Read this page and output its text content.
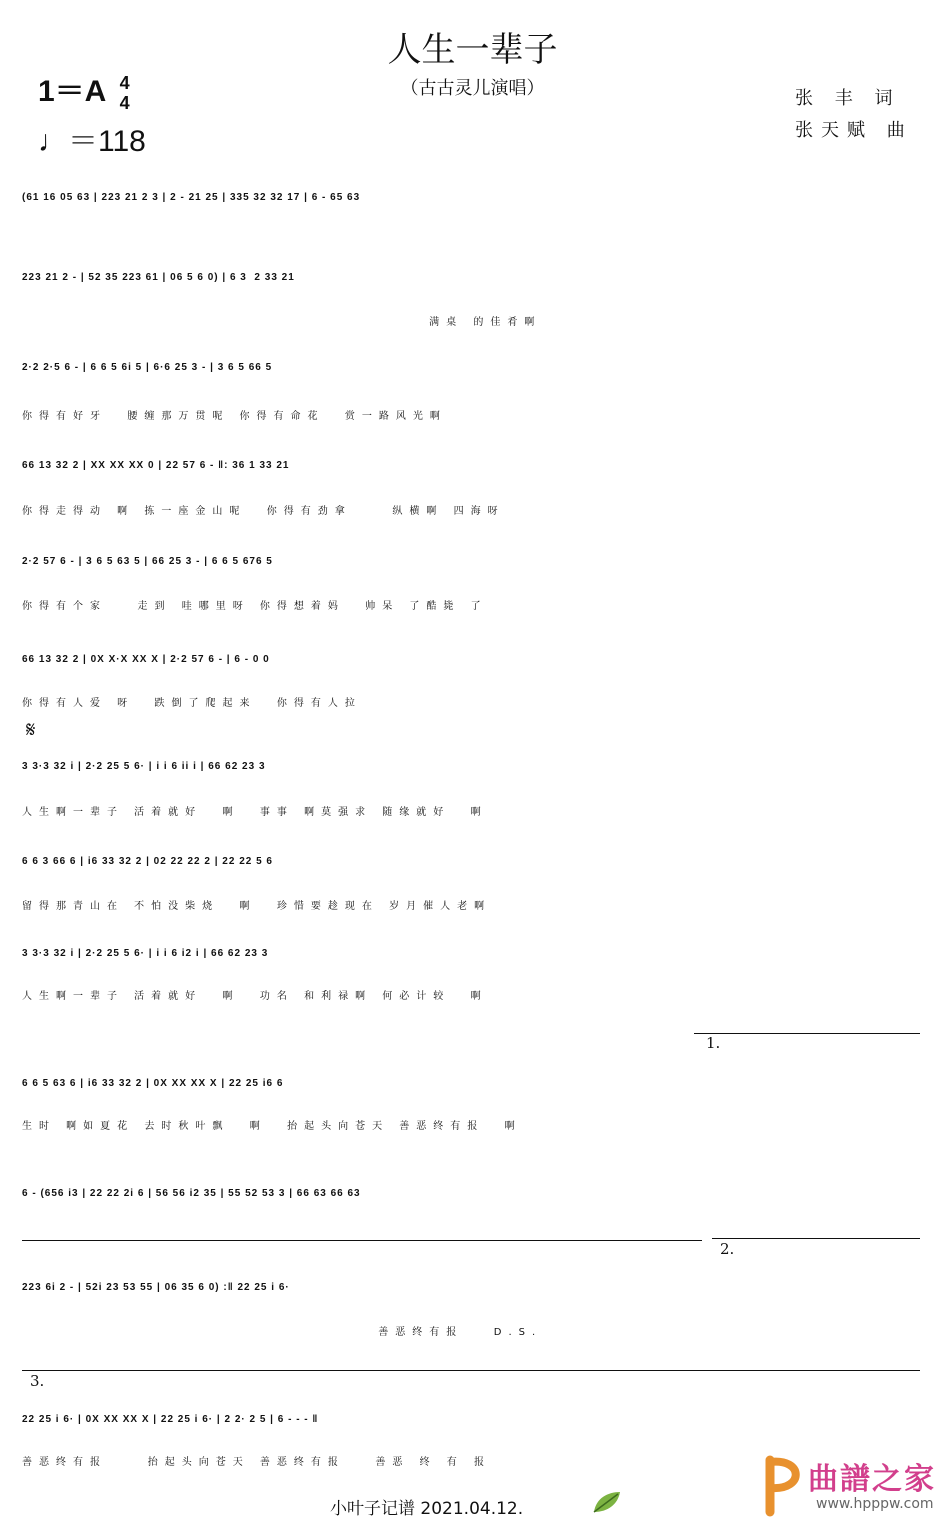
人生一辈子
（古古灵儿演唱）
1＝A 4
4
♩＝118
张 丰 词
张天赋 曲
(61 16 05 63 | 223 21 2 3 | 2 - 21 25 | 335 32 32 17 | 6 - 65 63
223 21 2 - | 52 35 223 61 | 06 5 6 0) | 6 3  2 33 21
满桌 的佳肴啊
2·2 2·5 6 - | 6 6 5 6i 5 | 6·6 25 3 - | 3 6 5 66 5
你得有好牙  腰缠那万贯呢 你得有命花  赏一路风光啊
66 13 32 2 | XX XX XX 0 | 22 57 6 - ‖: 36 1 33 21
你得走得动 啊 拣一座金山呢  你得有劲拿    纵横啊 四海呀
2·2 57 6 - | 3 6 5 63 5 | 66 25 3 - | 6 6 5 676 5
你得有个家   走到 哇哪里呀 你得想着妈  帅呆 了酷毙 了
66 13 32 2 | 0X X·X XX X | 2·2 57 6 - | 6 - 0 0
你得有人爱 呀  跌倒了爬起来  你得有人拉
𝄋
3 3·3 32 i | 2·2 25 5 6· | i i 6 ii i | 66 62 23 3
人生啊一辈子 活着就好  啊  事事 啊莫强求 随缘就好  啊
6 6 3 66 6 | i6 33 32 2 | 02 22 22 2 | 22 22 5 6
留得那青山在 不怕没柴烧  啊  珍惜要趁现在 岁月催人老啊
3 3·3 32 i | 2·2 25 5 6· | i i 6 i2 i | 66 62 23 3
人生啊一辈子 活着就好  啊  功名 和利禄啊 何必计较  啊
1.
6 6 5 63 6 | i6 33 32 2 | 0X XX XX X | 22 25 i6 6
生时 啊如夏花 去时秋叶飘  啊  抬起头向苍天 善恶终有报  啊
6 - (656 i3 | 22 22 2i 6 | 56 56 i2 35 | 55 52 53 3 | 66 63 66 63
2.
223 6i 2 - | 52i 23 53 55 | 06 35 6 0) :‖ 22 25 i 6·
善恶终有报   D.S.
3.
22 25 i 6· | 0X XX XX X | 22 25 i 6· | 2 2· 2 5 | 6 - - - ‖
善恶终有报    抬起头向苍天 善恶终有报   善恶 终 有 报
小叶子记谱 2021.04.12.
曲譜之家
www.hpppw.com
